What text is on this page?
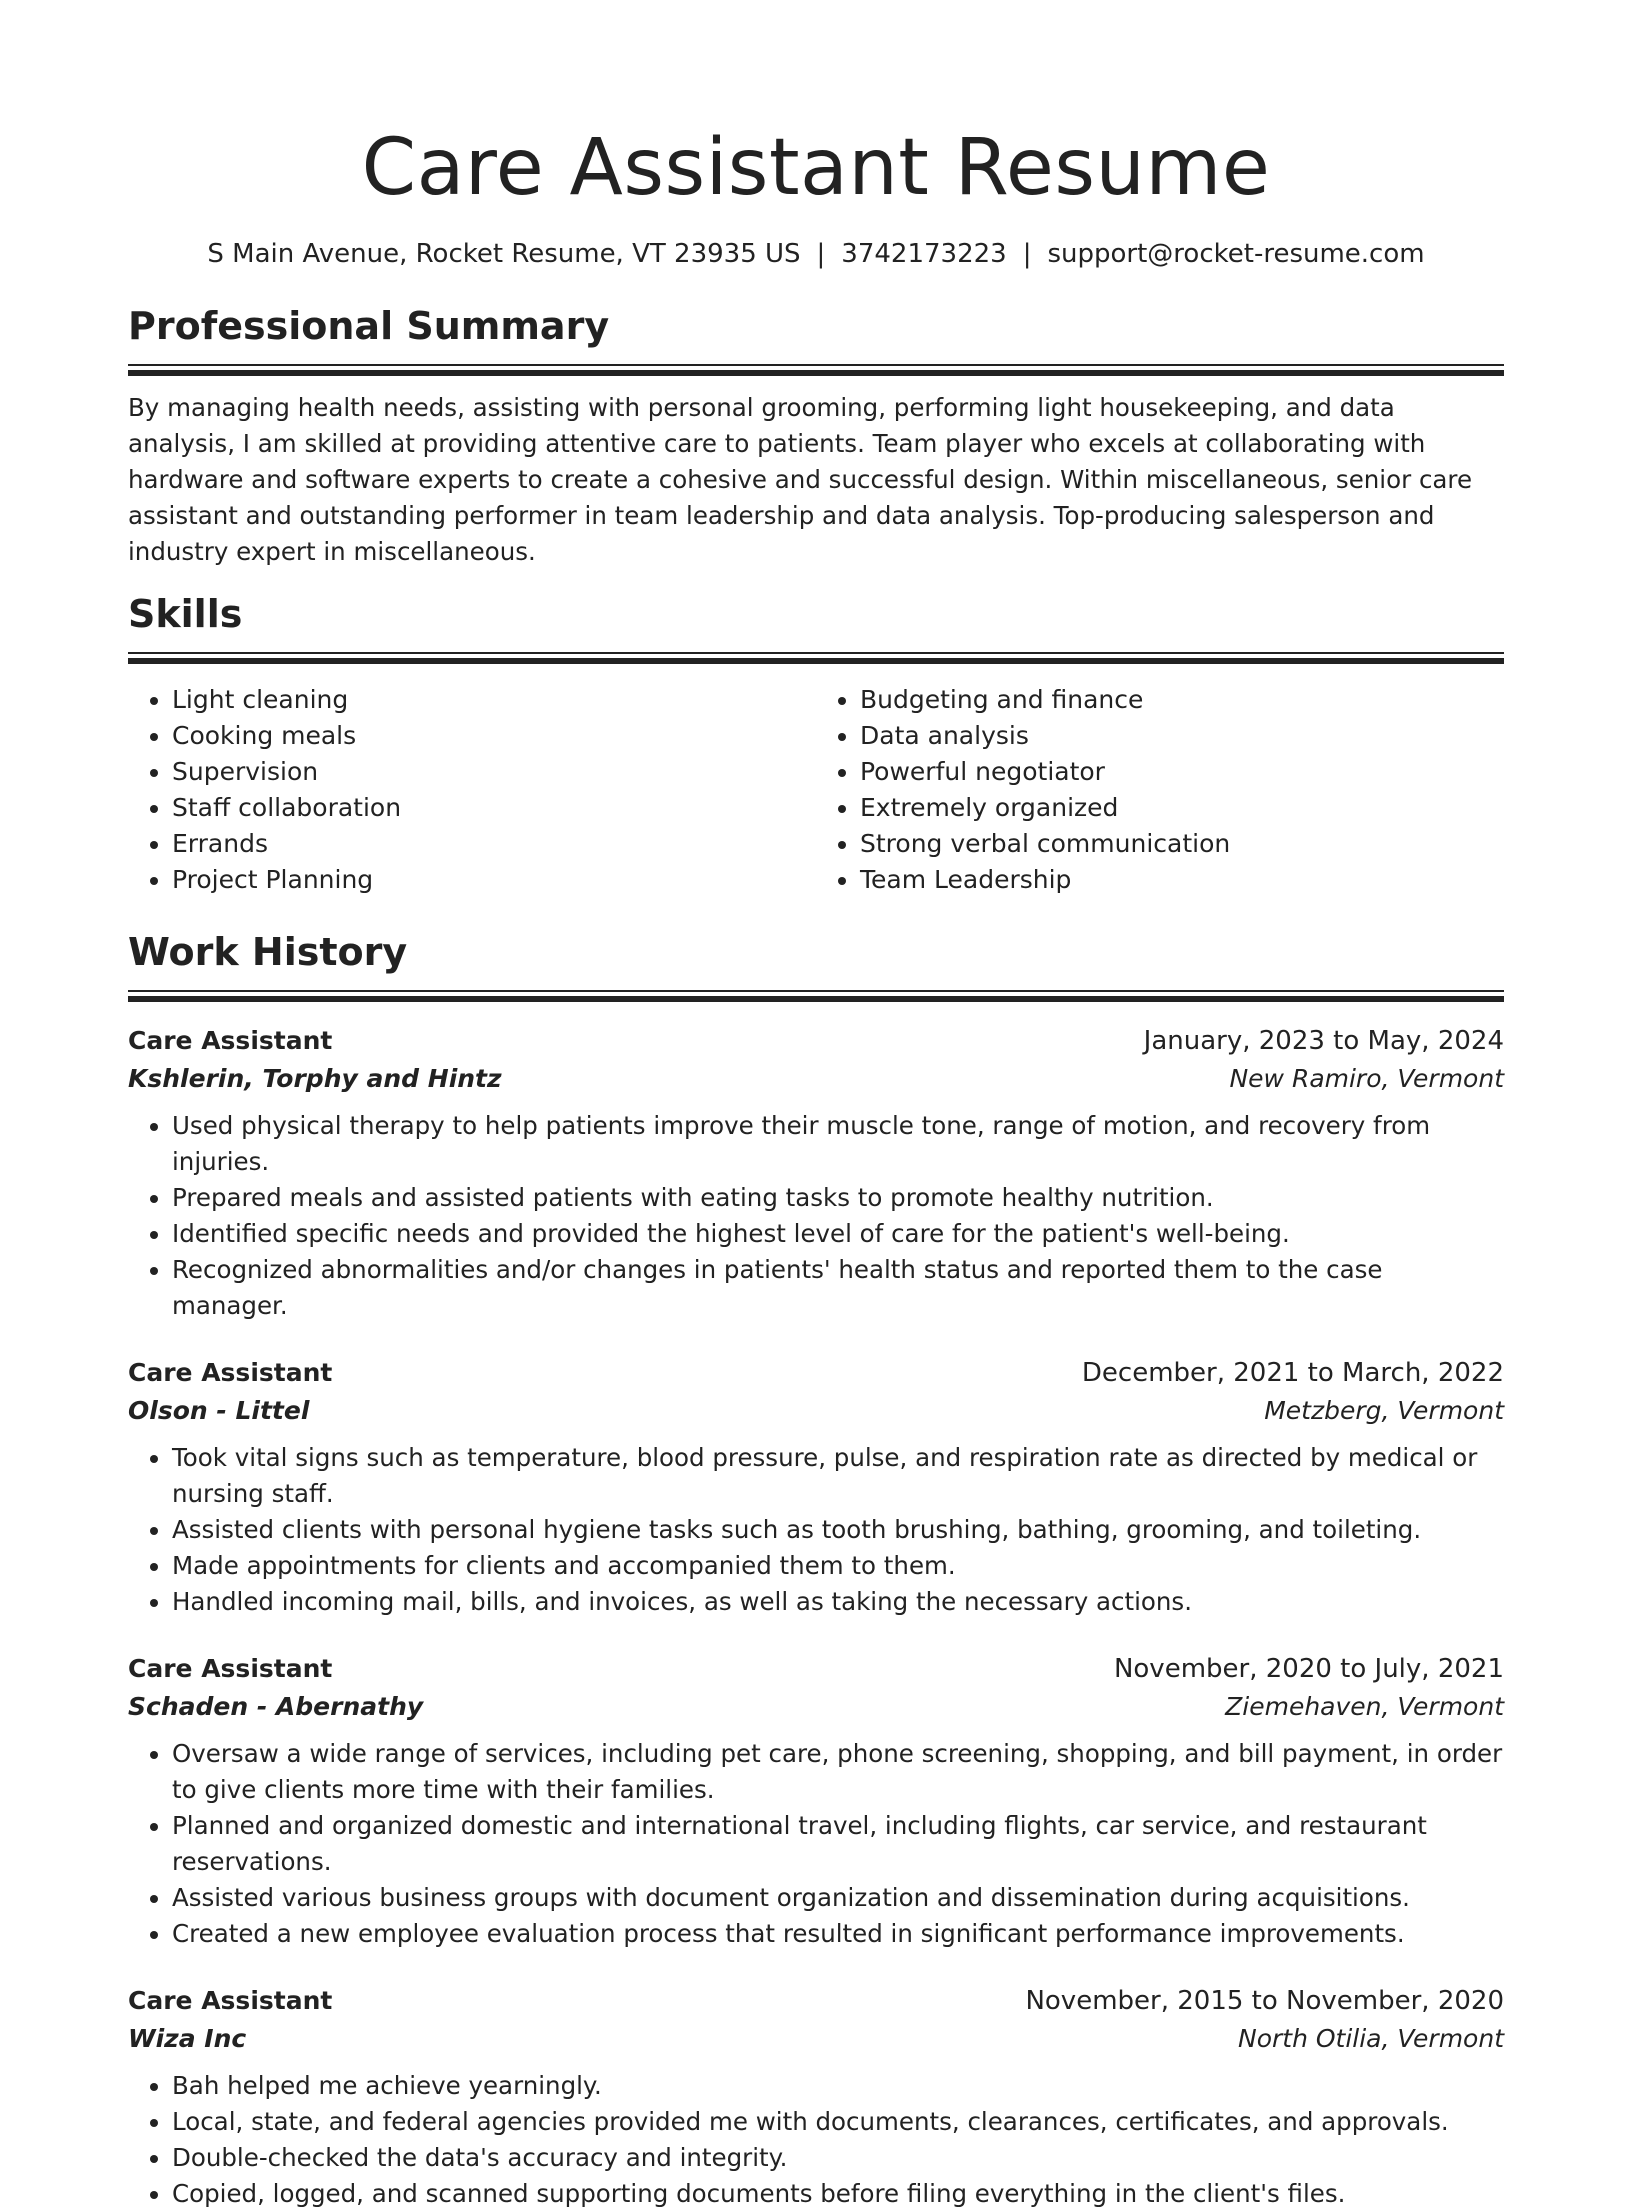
Care Assistant Resume
S Main Avenue, Rocket Resume, VT 23935 US | 3742173223 | support@rocket-resume.com
Professional Summary

By managing health needs, assisting with personal grooming, performing light housekeeping, and data analysis, I am skilled at providing attentive care to patients. Team player who excels at collaborating with hardware and software experts to create a cohesive and successful design. Within miscellaneous, senior care assistant and outstanding performer in team leadership and data analysis. Top-producing salesperson and industry expert in miscellaneous.

Skills
• Light cleaning
• Cooking meals
• Supervision
• Staff collaboration
• Errands
• Project Planning
• Budgeting and finance
• Data analysis
• Powerful negotiator
• Extremely organized
• Strong verbal communication
• Team Leadership
Work History
Care Assistant	January, 2023 to May, 2024
Kshlerin, Torphy and Hintz	New Ramiro, Vermont
• Used physical therapy to help patients improve their muscle tone, range of motion, and recovery from injuries.
• Prepared meals and assisted patients with eating tasks to promote healthy nutrition.
• Identified specific needs and provided the highest level of care for the patient's well-being.
• Recognized abnormalities and/or changes in patients' health status and reported them to the case manager.
Care Assistant	December, 2021 to March, 2022
Olson - Littel	Metzberg, Vermont
• Took vital signs such as temperature, blood pressure, pulse, and respiration rate as directed by medical or nursing staff.
• Assisted clients with personal hygiene tasks such as tooth brushing, bathing, grooming, and toileting.
• Made appointments for clients and accompanied them to them.
• Handled incoming mail, bills, and invoices, as well as taking the necessary actions.
Care Assistant	November, 2020 to July, 2021
Schaden - Abernathy	Ziemehaven, Vermont
• Oversaw a wide range of services, including pet care, phone screening, shopping, and bill payment, in order to give clients more time with their families.
• Planned and organized domestic and international travel, including flights, car service, and restaurant reservations.
• Assisted various business groups with document organization and dissemination during acquisitions.
• Created a new employee evaluation process that resulted in significant performance improvements.
Care Assistant	November, 2015 to November, 2020
Wiza Inc	North Otilia, Vermont
• Bah helped me achieve yearningly.
• Local, state, and federal agencies provided me with documents, clearances, certificates, and approvals.
• Double-checked the data's accuracy and integrity.
• Copied, logged, and scanned supporting documents before filing everything in the client's files.
